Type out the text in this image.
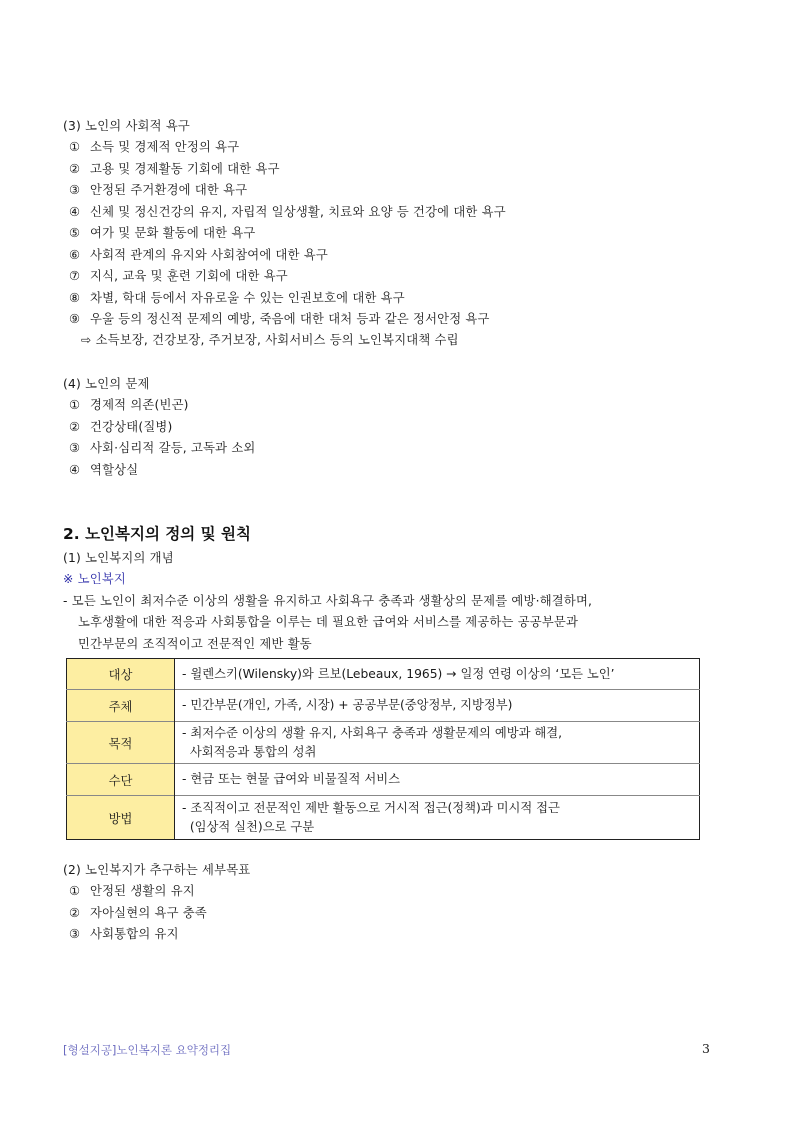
(3) 노인의 사회적 욕구
① 소득 및 경제적 안정의 욕구
② 고용 및 경제활동 기회에 대한 욕구
③ 안정된 주거환경에 대한 욕구
④ 신체 및 정신건강의 유지, 자립적 일상생활, 치료와 요양 등 건강에 대한 욕구
⑤ 여가 및 문화 활동에 대한 욕구
⑥ 사회적 관계의 유지와 사회참여에 대한 욕구
⑦ 지식, 교육 및 훈련 기회에 대한 욕구
⑧ 차별, 학대 등에서 자유로울 수 있는 인권보호에 대한 욕구
⑨ 우울 등의 정신적 문제의 예방, 죽음에 대한 대처 등과 같은 정서안정 욕구
⇨ 소득보장, 건강보장, 주거보장, 사회서비스 등의 노인복지대책 수립
(4) 노인의 문제
① 경제적 의존(빈곤)
② 건강상태(질병)
③ 사회·심리적 갈등, 고독과 소외
④ 역할상실
2. 노인복지의 정의 및 원칙
(1) 노인복지의 개념
※ 노인복지
- 모든 노인이 최저수준 이상의 생활을 유지하고 사회욕구 충족과 생활상의 문제를 예방·해결하며,
노후생활에 대한 적응과 사회통합을 이루는 데 필요한 급여와 서비스를 제공하는 공공부문과
민간부문의 조직적이고 전문적인 제반 활동
대상	- 윌렌스키(Wilensky)와 르보(Lebeaux, 1965) → 일정 연령 이상의 ‘모든 노인’

주체	- 민간부문(개인, 가족, 시장) + 공공부문(중앙정부, 지방정부)

목적	- 최저수준 이상의 생활 유지, 사회욕구 충족과 생활문제의 예방과 해결,
사회적응과 통합의 성취

수단	- 현금 또는 현물 급여와 비물질적 서비스

방법	- 조직적이고 전문적인 제반 활동으로 거시적 접근(정책)과 미시적 접근
(임상적 실천)으로 구분
(2) 노인복지가 추구하는 세부목표
① 안정된 생활의 유지
② 자아실현의 욕구 충족
③ 사회통합의 유지
[형설지공]노인복지론 요약정리집	3
